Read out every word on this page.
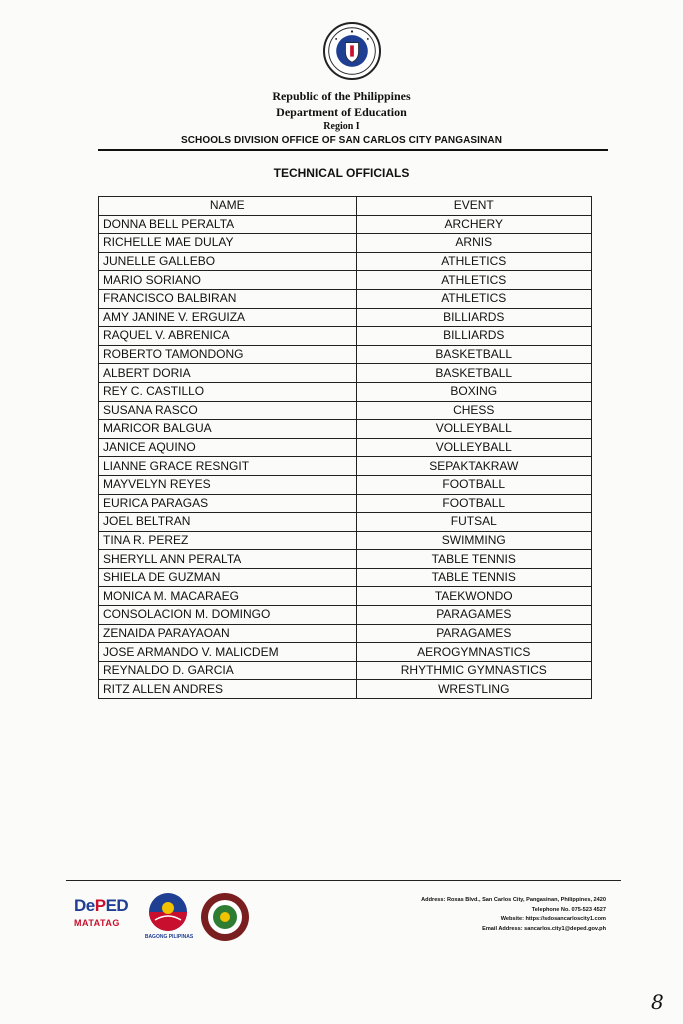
Republic of the Philippines
Department of Education
Region I
SCHOOLS DIVISION OFFICE OF SAN CARLOS CITY PANGASINAN
TECHNICAL OFFICIALS
NAME	EVENT
DONNA BELL PERALTA	ARCHERY
RICHELLE MAE DULAY	ARNIS
JUNELLE GALLEBO	ATHLETICS
MARIO SORIANO	ATHLETICS
FRANCISCO BALBIRAN	ATHLETICS
AMY JANINE V. ERGUIZA	BILLIARDS
RAQUEL V. ABRENICA	BILLIARDS
ROBERTO TAMONDONG	BASKETBALL
ALBERT DORIA	BASKETBALL
REY C. CASTILLO	BOXING
SUSANA RASCO	CHESS
MARICOR BALGUA	VOLLEYBALL
JANICE AQUINO	VOLLEYBALL
LIANNE GRACE RESNGIT	SEPAKTAKRAW
MAYVELYN REYES	FOOTBALL
EURICA PARAGAS	FOOTBALL
JOEL BELTRAN	FUTSAL
TINA R. PEREZ	SWIMMING
SHERYLL ANN PERALTA	TABLE TENNIS
SHIELA DE GUZMAN	TABLE TENNIS
MONICA M. MACARAEG	TAEKWONDO
CONSOLACION M. DOMINGO	PARAGAMES
ZENAIDA PARAYAOAN	PARAGAMES
JOSE ARMANDO V. MALICDEM	AEROGYMNASTICS
REYNALDO D. GARCIA	RHYTHMIC GYMNASTICS
RITZ ALLEN ANDRES	WRESTLING
DePED
MATATAG
BAGONG PILIPINAS
Address: Roxas Blvd., San Carlos City, Pangasinan, Philippines, 2420
Telephone No. 075-523 4527
Website: https://sdosancarloscity1.com
Email Address: sancarlos.city1@deped.gov.ph
8
